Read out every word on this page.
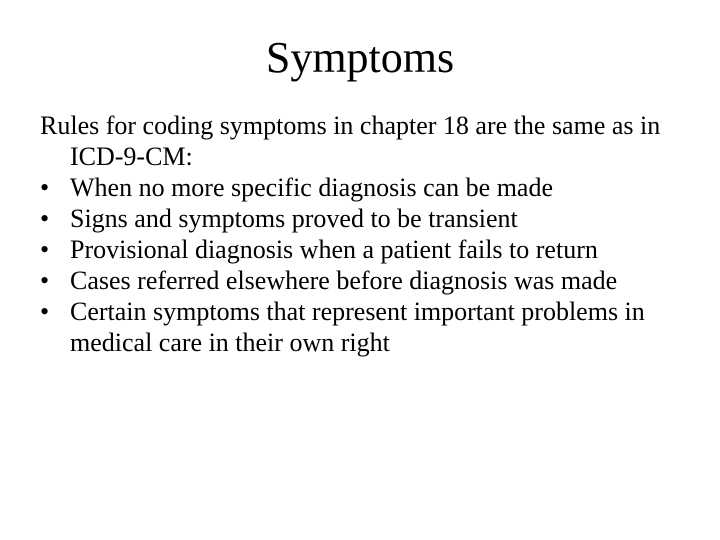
Symptoms

Rules for coding symptoms in chapter 18 are the same as in ICD-9-CM:

• When no more specific diagnosis can be made
• Signs and symptoms proved to be transient
• Provisional diagnosis when a patient fails to return
• Cases referred elsewhere before diagnosis was made
• Certain symptoms that represent important problems in medical care in their own right
